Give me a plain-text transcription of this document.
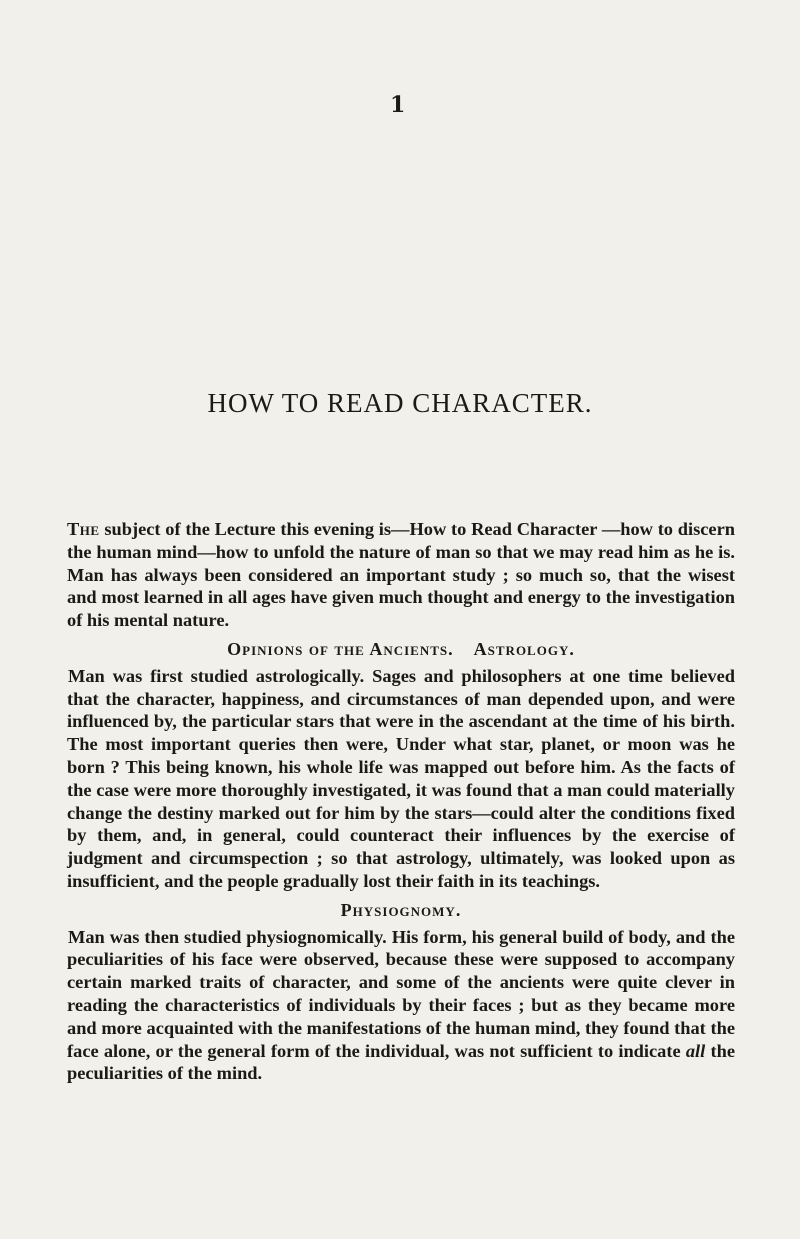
1
HOW TO READ CHARACTER.

The subject of the Lecture this evening is—How to Read Character —how to discern the human mind—how to unfold the nature of man so that we may read him as he is. Man has always been considered an important study ; so much so, that the wisest and most learned in all ages have given much thought and energy to the investigation of his mental nature.

Opinions of the Ancients. Astrology.

Man was first studied astrologically. Sages and philosophers at one time believed that the character, happiness, and circumstances of man depended upon, and were influenced by, the particular stars that were in the ascendant at the time of his birth. The most important queries then were, Under what star, planet, or moon was he born ? This being known, his whole life was mapped out before him. As the facts of the case were more thoroughly investigated, it was found that a man could materially change the destiny marked out for him by the stars—could alter the conditions fixed by them, and, in general, could counteract their influences by the exercise of judgment and circumspection ; so that astrology, ultimately, was looked upon as insufficient, and the people gradually lost their faith in its teachings.

Physiognomy.

Man was then studied physiognomically. His form, his general build of body, and the peculiarities of his face were observed, because these were supposed to accompany certain marked traits of character, and some of the ancients were quite clever in reading the characteristics of individuals by their faces ; but as they became more and more acquainted with the manifestations of the human mind, they found that the face alone, or the general form of the individual, was not sufficient to indicate all the peculiarities of the mind.
